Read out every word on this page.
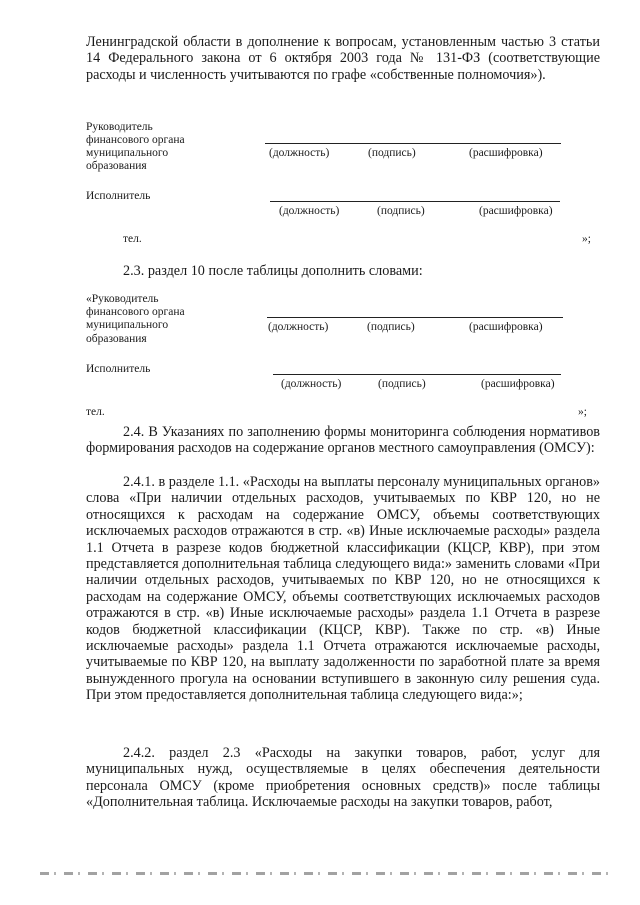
Ленинградской области в дополнение к вопросам, установленным частью 3 статьи 14 Федерального закона от 6 октября 2003 года № 131-ФЗ (соответствующие расходы и численность учитываются по графе «собственные полномочия»).

Руководитель

финансового органа

муниципального

образования

(должность)	(подпись)	(расшифровка)

Исполнитель

(должность)	(подпись)	(расшифровка)

тел.	»;

2.3. раздел 10 после таблицы дополнить словами:

«Руководитель

финансового органа

муниципального

образования

(должность)	(подпись)	(расшифровка)

Исполнитель

(должность)	(подпись)	(расшифровка)

тел.	»;

2.4. В Указаниях по заполнению формы мониторинга соблюдения нормативов формирования расходов на содержание органов местного самоуправления (ОМСУ):

2.4.1. в разделе 1.1. «Расходы на выплаты персоналу муниципальных органов» слова «При наличии отдельных расходов, учитываемых по КВР 120, но не относящихся к расходам на содержание ОМСУ, объемы соответствующих исключаемых расходов отражаются в стр. «в) Иные исключаемые расходы» раздела 1.1 Отчета в разрезе кодов бюджетной классификации (КЦСР, КВР), при этом представляется дополнительная таблица следующего вида:» заменить словами «При наличии отдельных расходов, учитываемых по КВР 120, но не относящихся к расходам на содержание ОМСУ, объемы соответствующих исключаемых расходов отражаются в стр. «в) Иные исключаемые расходы» раздела 1.1 Отчета в разрезе кодов бюджетной классификации (КЦСР, КВР). Также по стр. «в) Иные исключаемые расходы» раздела 1.1 Отчета отражаются исключаемые расходы, учитываемые по КВР 120, на выплату задолженности по заработной плате за время вынужденного прогула на основании вступившего в законную силу решения суда. При этом предоставляется дополнительная таблица следующего вида:»;

2.4.2. раздел 2.3 «Расходы на закупки товаров, работ, услуг для муниципальных нужд, осуществляемые в целях обеспечения деятельности персонала ОМСУ (кроме приобретения основных средств)» после таблицы «Дополнительная таблица. Исключаемые расходы на закупки товаров, работ,
